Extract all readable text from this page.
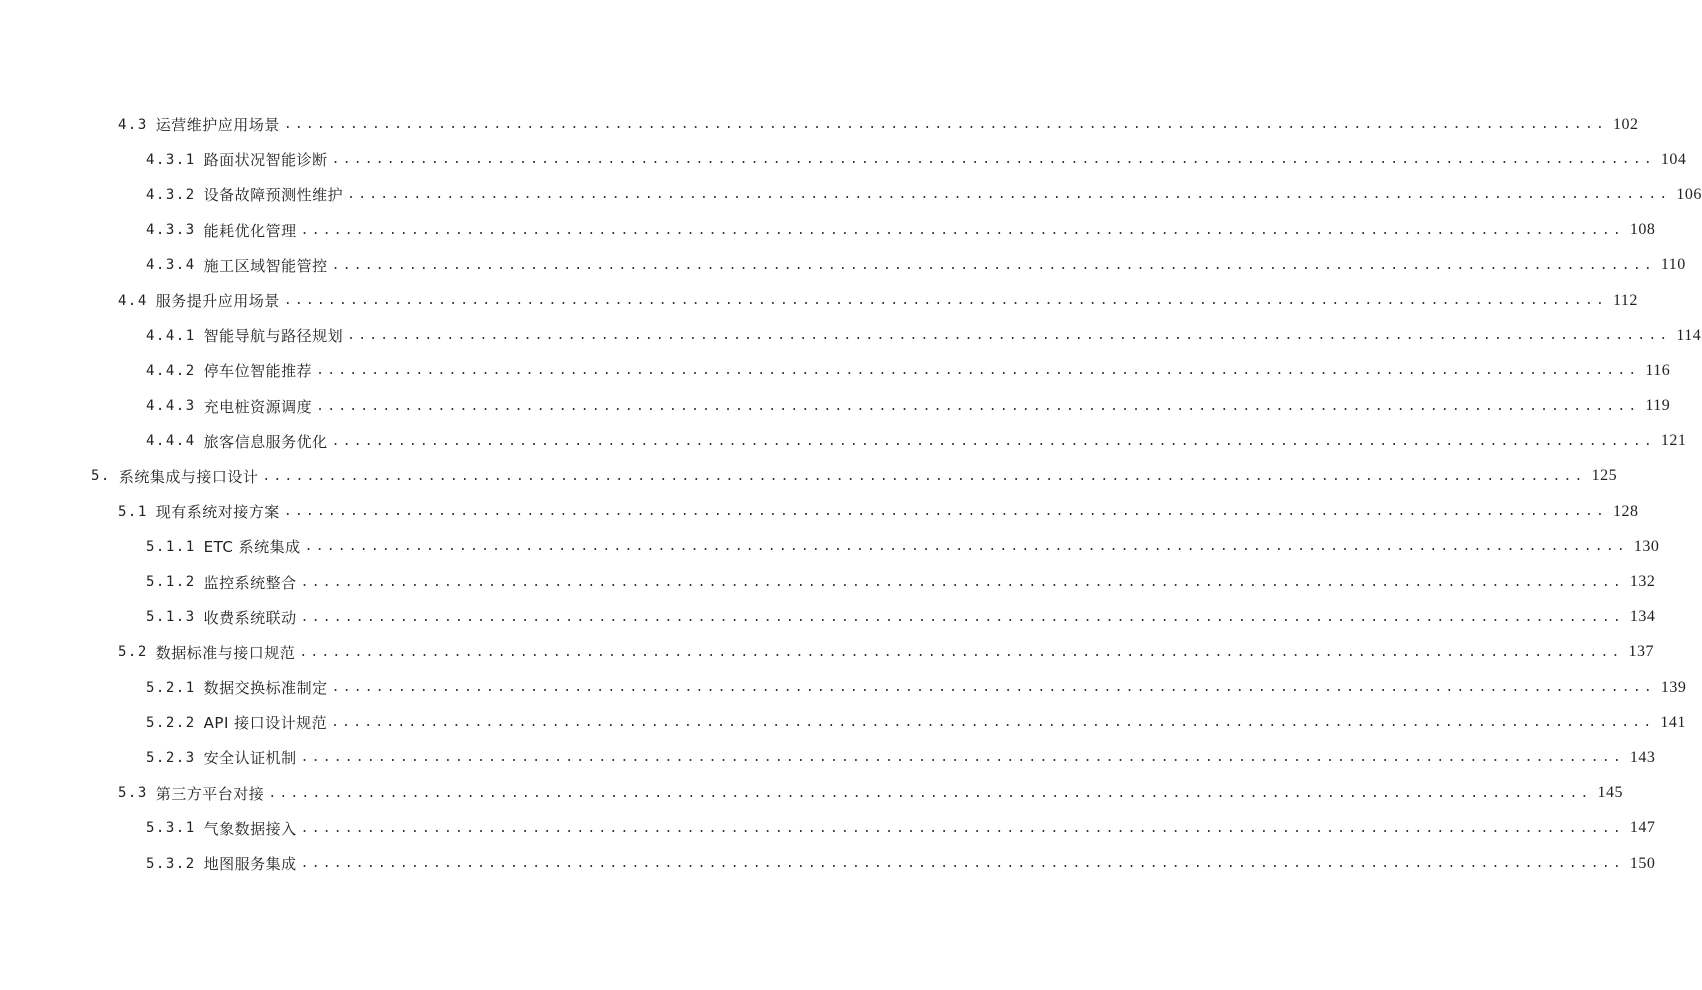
4.3 运营维护应用场景 ........................................................................................................................ 102
4.3.1 路面状况智能诊断 ........................................................................................................................ 104
4.3.2 设备故障预测性维护 ........................................................................................................................ 106
4.3.3 能耗优化管理 ........................................................................................................................ 108
4.3.4 施工区域智能管控 ........................................................................................................................ 110
4.4 服务提升应用场景 ........................................................................................................................ 112
4.4.1 智能导航与路径规划 ........................................................................................................................ 114
4.4.2 停车位智能推荐 ........................................................................................................................ 116
4.4.3 充电桩资源调度 ........................................................................................................................ 119
4.4.4 旅客信息服务优化 ........................................................................................................................ 121
5. 系统集成与接口设计 ........................................................................................................................ 125
5.1 现有系统对接方案 ........................................................................................................................ 128
5.1.1 ETC 系统集成 ........................................................................................................................ 130
5.1.2 监控系统整合 ........................................................................................................................ 132
5.1.3 收费系统联动 ........................................................................................................................ 134
5.2 数据标准与接口规范 ........................................................................................................................ 137
5.2.1 数据交换标准制定 ........................................................................................................................ 139
5.2.2 API 接口设计规范 ........................................................................................................................ 141
5.2.3 安全认证机制 ........................................................................................................................ 143
5.3 第三方平台对接 ........................................................................................................................ 145
5.3.1 气象数据接入 ........................................................................................................................ 147
5.3.2 地图服务集成 ........................................................................................................................ 150
